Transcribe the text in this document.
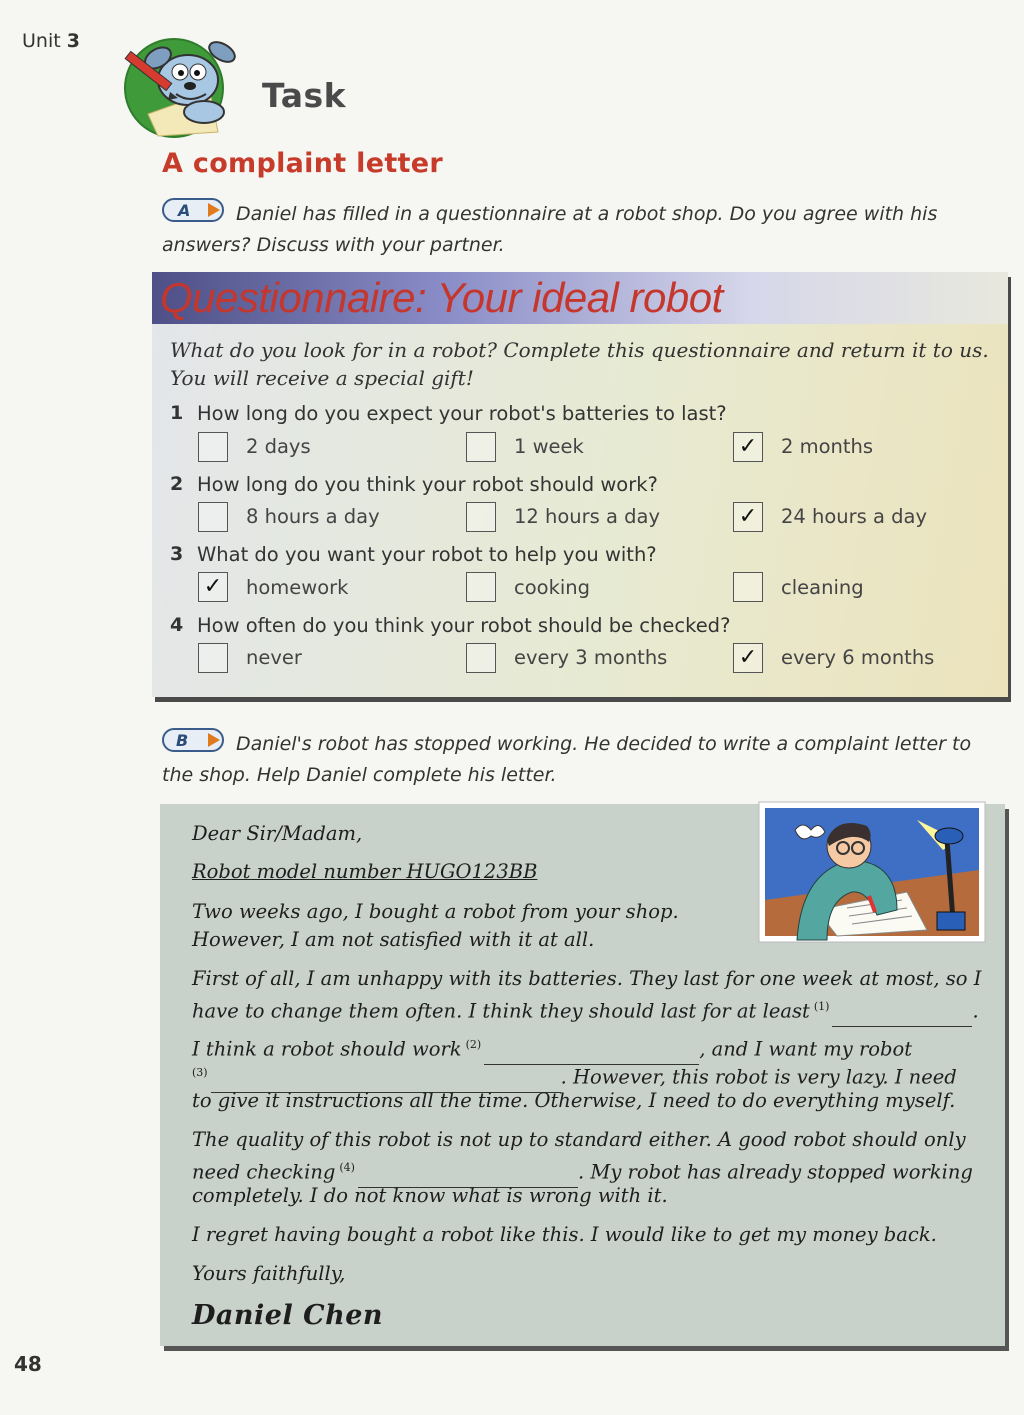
Unit 3
Task
A complaint letter
A Daniel has filled in a questionnaire at a robot shop. Do you agree with his answers? Discuss with your partner.
Questionnaire: Your ideal robot
What do you look for in a robot? Complete this questionnaire and return it to us.
You will receive a special gift!
1 How long do you expect your robot's batteries to last?
2 days	1 week	✓ 2 months
2 How long do you think your robot should work?
8 hours a day	12 hours a day	✓ 24 hours a day
3 What do you want your robot to help you with?
✓ homework	cooking	cleaning
4 How often do you think your robot should be checked?
never	every 3 months	✓ every 6 months
B	Daniel's robot has stopped working. He decided to write a complaint letter to the shop. Help Daniel complete his letter.
Dear Sir/Madam,
Robot model number HUGO123BB
Two weeks ago, I bought a robot from your shop.
However, I am not satisfied with it at all.
First of all, I am unhappy with its batteries. They last for one week at most, so I
have to change them often. I think they should last for at least $^{(1)}$	.
I think a robot should work $^{(2)}$	, and I want my robot
$^{(3)}$	. However, this robot is very lazy. I need
to give it instructions all the time. Otherwise, I need to do everything myself.
The quality of this robot is not up to standard either. A good robot should only
need checking $^{(4)}$	. My robot has already stopped working
completely. I do not know what is wrong with it.
I regret having bought a robot like this. I would like to get my money back.
Yours faithfully,
Daniel Chen
48
